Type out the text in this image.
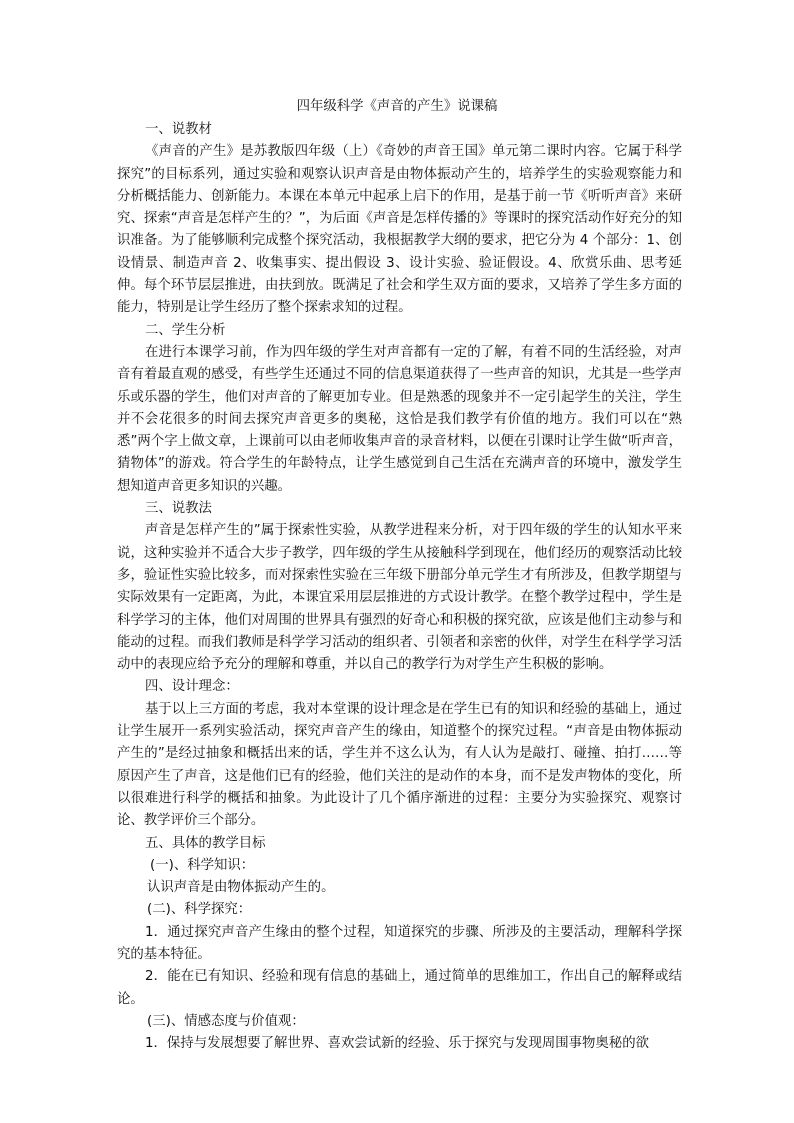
四年级科学《声音的产生》说课稿

一、说教材

《声音的产生》是苏教版四年级（上）《奇妙的声音王国》单元第二课时内容。它属于科学探究”的目标系列，通过实验和观察认识声音是由物体振动产生的，培养学生的实验观察能力和分析概括能力、创新能力。本课在本单元中起承上启下的作用，是基于前一节《听听声音》来研究、探索“声音是怎样产生的？”，为后面《声音是怎样传播的》等课时的探究活动作好充分的知识准备。为了能够顺利完成整个探究活动，我根据教学大纲的要求，把它分为 4 个部分：1、创设情景、制造声音 2、收集事实、提出假设 3、设计实验、验证假设。4、欣赏乐曲、思考延伸。每个环节层层推进，由扶到放。既满足了社会和学生双方面的要求，又培养了学生多方面的能力，特别是让学生经历了整个探索求知的过程。

二、学生分析

在进行本课学习前，作为四年级的学生对声音都有一定的了解，有着不同的生活经验，对声音有着最直观的感受，有些学生还通过不同的信息渠道获得了一些声音的知识，尤其是一些学声乐或乐器的学生，他们对声音的了解更加专业。但是熟悉的现象并不一定引起学生的关注，学生并不会花很多的时间去探究声音更多的奥秘，这恰是我们教学有价值的地方。我们可以在“熟悉”两个字上做文章，上课前可以由老师收集声音的录音材料，以便在引课时让学生做“听声音，猜物体”的游戏。符合学生的年龄特点，让学生感觉到自己生活在充满声音的环境中，激发学生想知道声音更多知识的兴趣。

三、说教法

声音是怎样产生的”属于探索性实验，从教学进程来分析，对于四年级的学生的认知水平来说，这种实验并不适合大步子教学，四年级的学生从接触科学到现在，他们经历的观察活动比较多，验证性实验比较多，而对探索性实验在三年级下册部分单元学生才有所涉及，但教学期望与实际效果有一定距离，为此，本课宜采用层层推进的方式设计教学。在整个教学过程中，学生是科学学习的主体，他们对周围的世界具有强烈的好奇心和积极的探究欲，应该是他们主动参与和能动的过程。而我们教师是科学学习活动的组织者、引领者和亲密的伙伴，对学生在科学学习活动中的表现应给予充分的理解和尊重，并以自己的教学行为对学生产生积极的影响。

四、设计理念：

基于以上三方面的考虑，我对本堂课的设计理念是在学生已有的知识和经验的基础上，通过让学生展开一系列实验活动，探究声音产生的缘由，知道整个的探究过程。“声音是由物体振动产生的”是经过抽象和概括出来的话，学生并不这么认为，有人认为是敲打、碰撞、拍打……等原因产生了声音，这是他们已有的经验，他们关注的是动作的本身，而不是发声物体的变化，所以很难进行科学的概括和抽象。为此设计了几个循序渐进的过程：主要分为实验探究、观察讨论、教学评价三个部分。

五、具体的教学目标

(一)、科学知识：

认识声音是由物体振动产生的。

(二)、科学探究：

1．通过探究声音产生缘由的整个过程，知道探究的步骤、所涉及的主要活动，理解科学探究的基本特征。

2．能在已有知识、经验和现有信息的基础上，通过简单的思维加工，作出自己的解释或结论。

(三)、情感态度与价值观：

1．保持与发展想要了解世界、喜欢尝试新的经验、乐于探究与发现周围事物奥秘的欲
